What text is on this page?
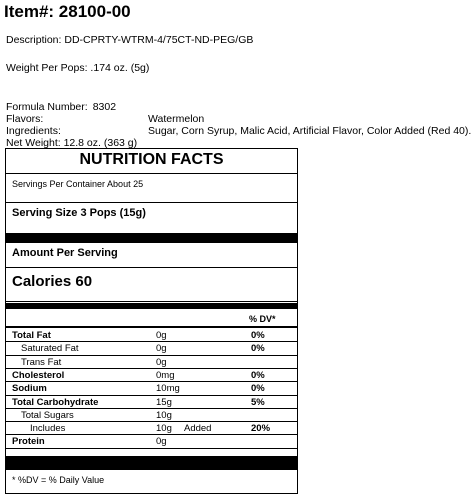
Item#: 28100-00
Description: DD-CPRTY-WTRM-4/75CT-ND-PEG/GB
Weight Per Pops: .174 oz. (5g)
Formula Number: 8302
Flavors:	Watermelon
Ingredients:	Sugar, Corn Syrup, Malic Acid, Artificial Flavor, Color Added (Red 40).
Net Weight: 12.8 oz. (363 g)
NUTRITION FACTS
Servings Per Container About 25
Serving Size 3 Pops (15g)
Amount Per Serving
Calories 60
% DV*
Total Fat	0g	0%
Saturated Fat	0g	0%
Trans Fat	0g
Cholesterol	0mg	0%
Sodium	10mg	0%
Total Carbohydrate	15g	5%
Total Sugars	10g
Includes	10g Added	20%
Protein	0g
* %DV = % Daily Value
